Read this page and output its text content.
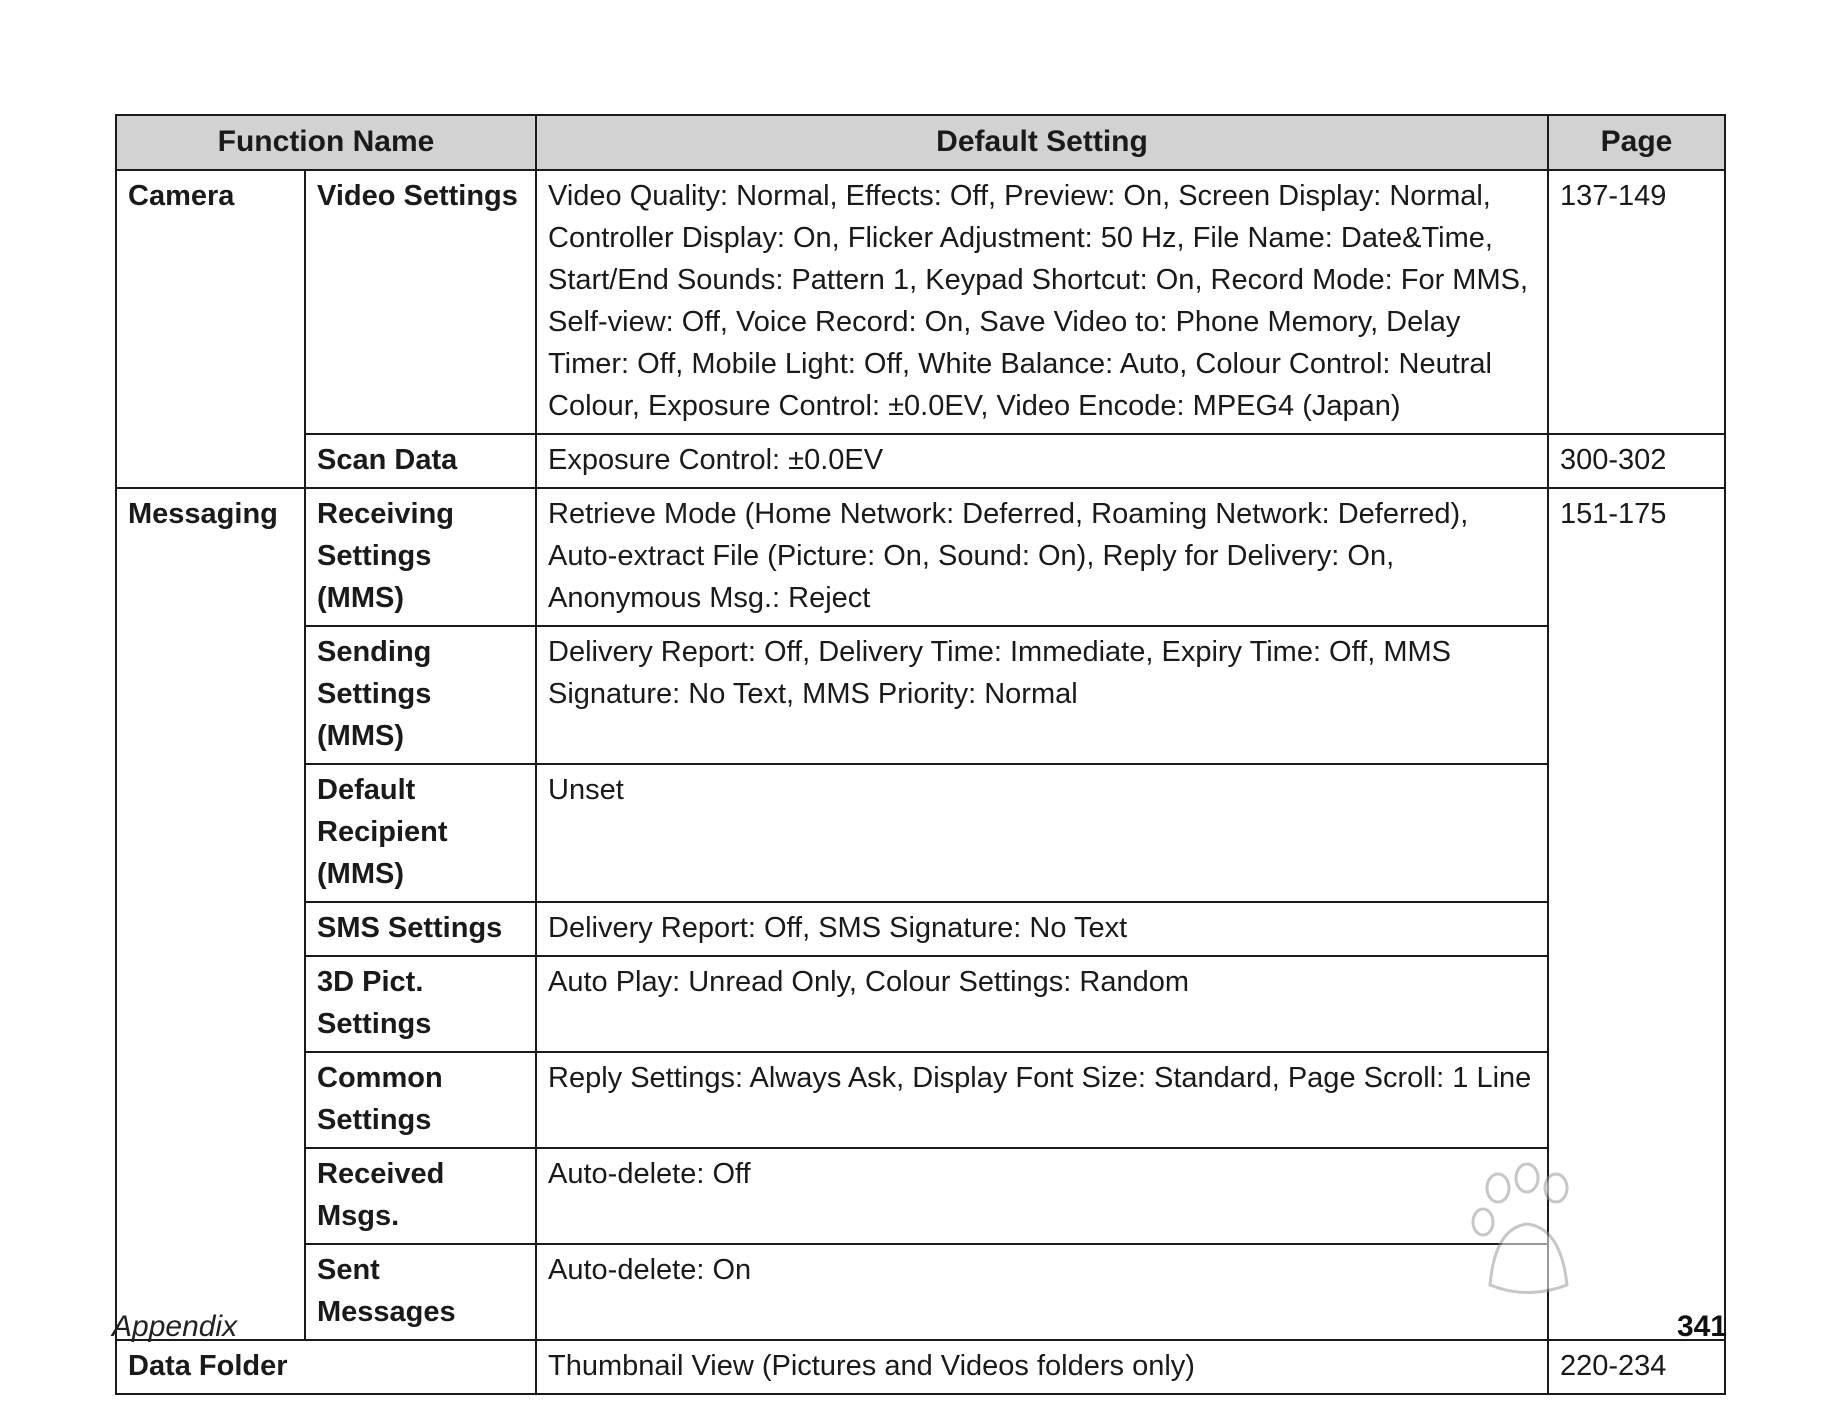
Function Name		Default Setting	Page
Camera	Video Settings	Video Quality: Normal, Effects: Off, Preview: On, Screen Display: Normal, Controller Display: On, Flicker Adjustment: 50 Hz, File Name: Date&Time, Start/End Sounds: Pattern 1, Keypad Shortcut: On, Record Mode: For MMS, Self-view: Off, Voice Record: On, Save Video to: Phone Memory, Delay Timer: Off, Mobile Light: Off, White Balance: Auto, Colour Control: Neutral Colour, Exposure Control: ±0.0EV, Video Encode: MPEG4 (Japan)	137-149
	Scan Data	Exposure Control: ±0.0EV	300-302
Messaging	Receiving Settings (MMS)	Retrieve Mode (Home Network: Deferred, Roaming Network: Deferred), Auto-extract File (Picture: On, Sound: On), Reply for Delivery: On, Anonymous Msg.: Reject	151-175
	Sending Settings (MMS)	Delivery Report: Off, Delivery Time: Immediate, Expiry Time: Off, MMS Signature: No Text, MMS Priority: Normal	
	Default Recipient (MMS)	Unset	
	SMS Settings	Delivery Report: Off, SMS Signature: No Text	
	3D Pict. Settings	Auto Play: Unread Only, Colour Settings: Random	
	Common Settings	Reply Settings: Always Ask, Display Font Size: Standard, Page Scroll: 1 Line	
	Received Msgs.	Auto-delete: Off	
	Sent Messages	Auto-delete: On	
Data Folder		Thumbnail View (Pictures and Videos folders only)	220-234
Appendix	341
